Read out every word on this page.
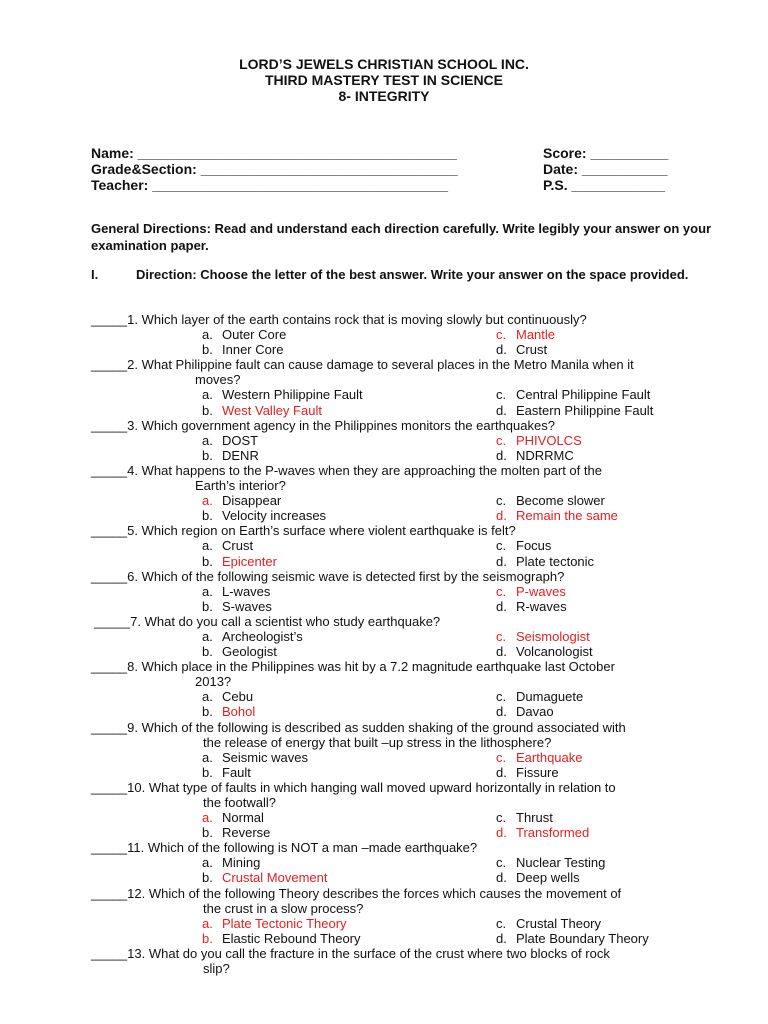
LORD’S JEWELS CHRISTIAN SCHOOL INC.
THIRD MASTERY TEST IN SCIENCE
8- INTEGRITY
Name: _________________________________________	Score: __________
Grade&Section: _________________________________	Date: ___________
Teacher: ______________________________________	P.S. ____________
General Directions: Read and understand each direction carefully. Write legibly your answer on your examination paper.
I.	Direction: Choose the letter of the best answer. Write your answer on the space provided.
_____1. Which layer of the earth contains rock that is moving slowly but continuously?
a. Outer Core	c. Mantle
b. Inner Core	d. Crust
_____2. What Philippine fault can cause damage to several places in the Metro Manila when it
moves?
a. Western Philippine Fault	c. Central Philippine Fault
b. West Valley Fault	d. Eastern Philippine Fault
_____3. Which government agency in the Philippines monitors the earthquakes?
a. DOST	c. PHIVOLCS
b. DENR	d. NDRRMC
_____4. What happens to the P-waves when they are approaching the molten part of the
Earth’s interior?
a. Disappear	c. Become slower
b. Velocity increases	d. Remain the same
_____5. Which region on Earth’s surface where violent earthquake is felt?
a. Crust	c. Focus
b. Epicenter	d. Plate tectonic
_____6. Which of the following seismic wave is detected first by the seismograph?
a. L-waves	c. P-waves
b. S-waves	d. R-waves
_____7. What do you call a scientist who study earthquake?
a. Archeologist’s	c. Seismologist
b. Geologist	d. Volcanologist
_____8. Which place in the Philippines was hit by a 7.2 magnitude earthquake last October
2013?
a. Cebu	c. Dumaguete
b. Bohol	d. Davao
_____9. Which of the following is described as sudden shaking of the ground associated with
the release of energy that built –up stress in the lithosphere?
a. Seismic waves	c. Earthquake
b. Fault	d. Fissure
_____10. What type of faults in which hanging wall moved upward horizontally in relation to
the footwall?
a. Normal	c. Thrust
b. Reverse	d. Transformed
_____11. Which of the following is NOT a man –made earthquake?
a. Mining	c. Nuclear Testing
b. Crustal Movement	d. Deep wells
_____12. Which of the following Theory describes the forces which causes the movement of
the crust in a slow process?
a. Plate Tectonic Theory	c. Crustal Theory
b. Elastic Rebound Theory	d. Plate Boundary Theory
_____13. What do you call the fracture in the surface of the crust where two blocks of rock
slip?
